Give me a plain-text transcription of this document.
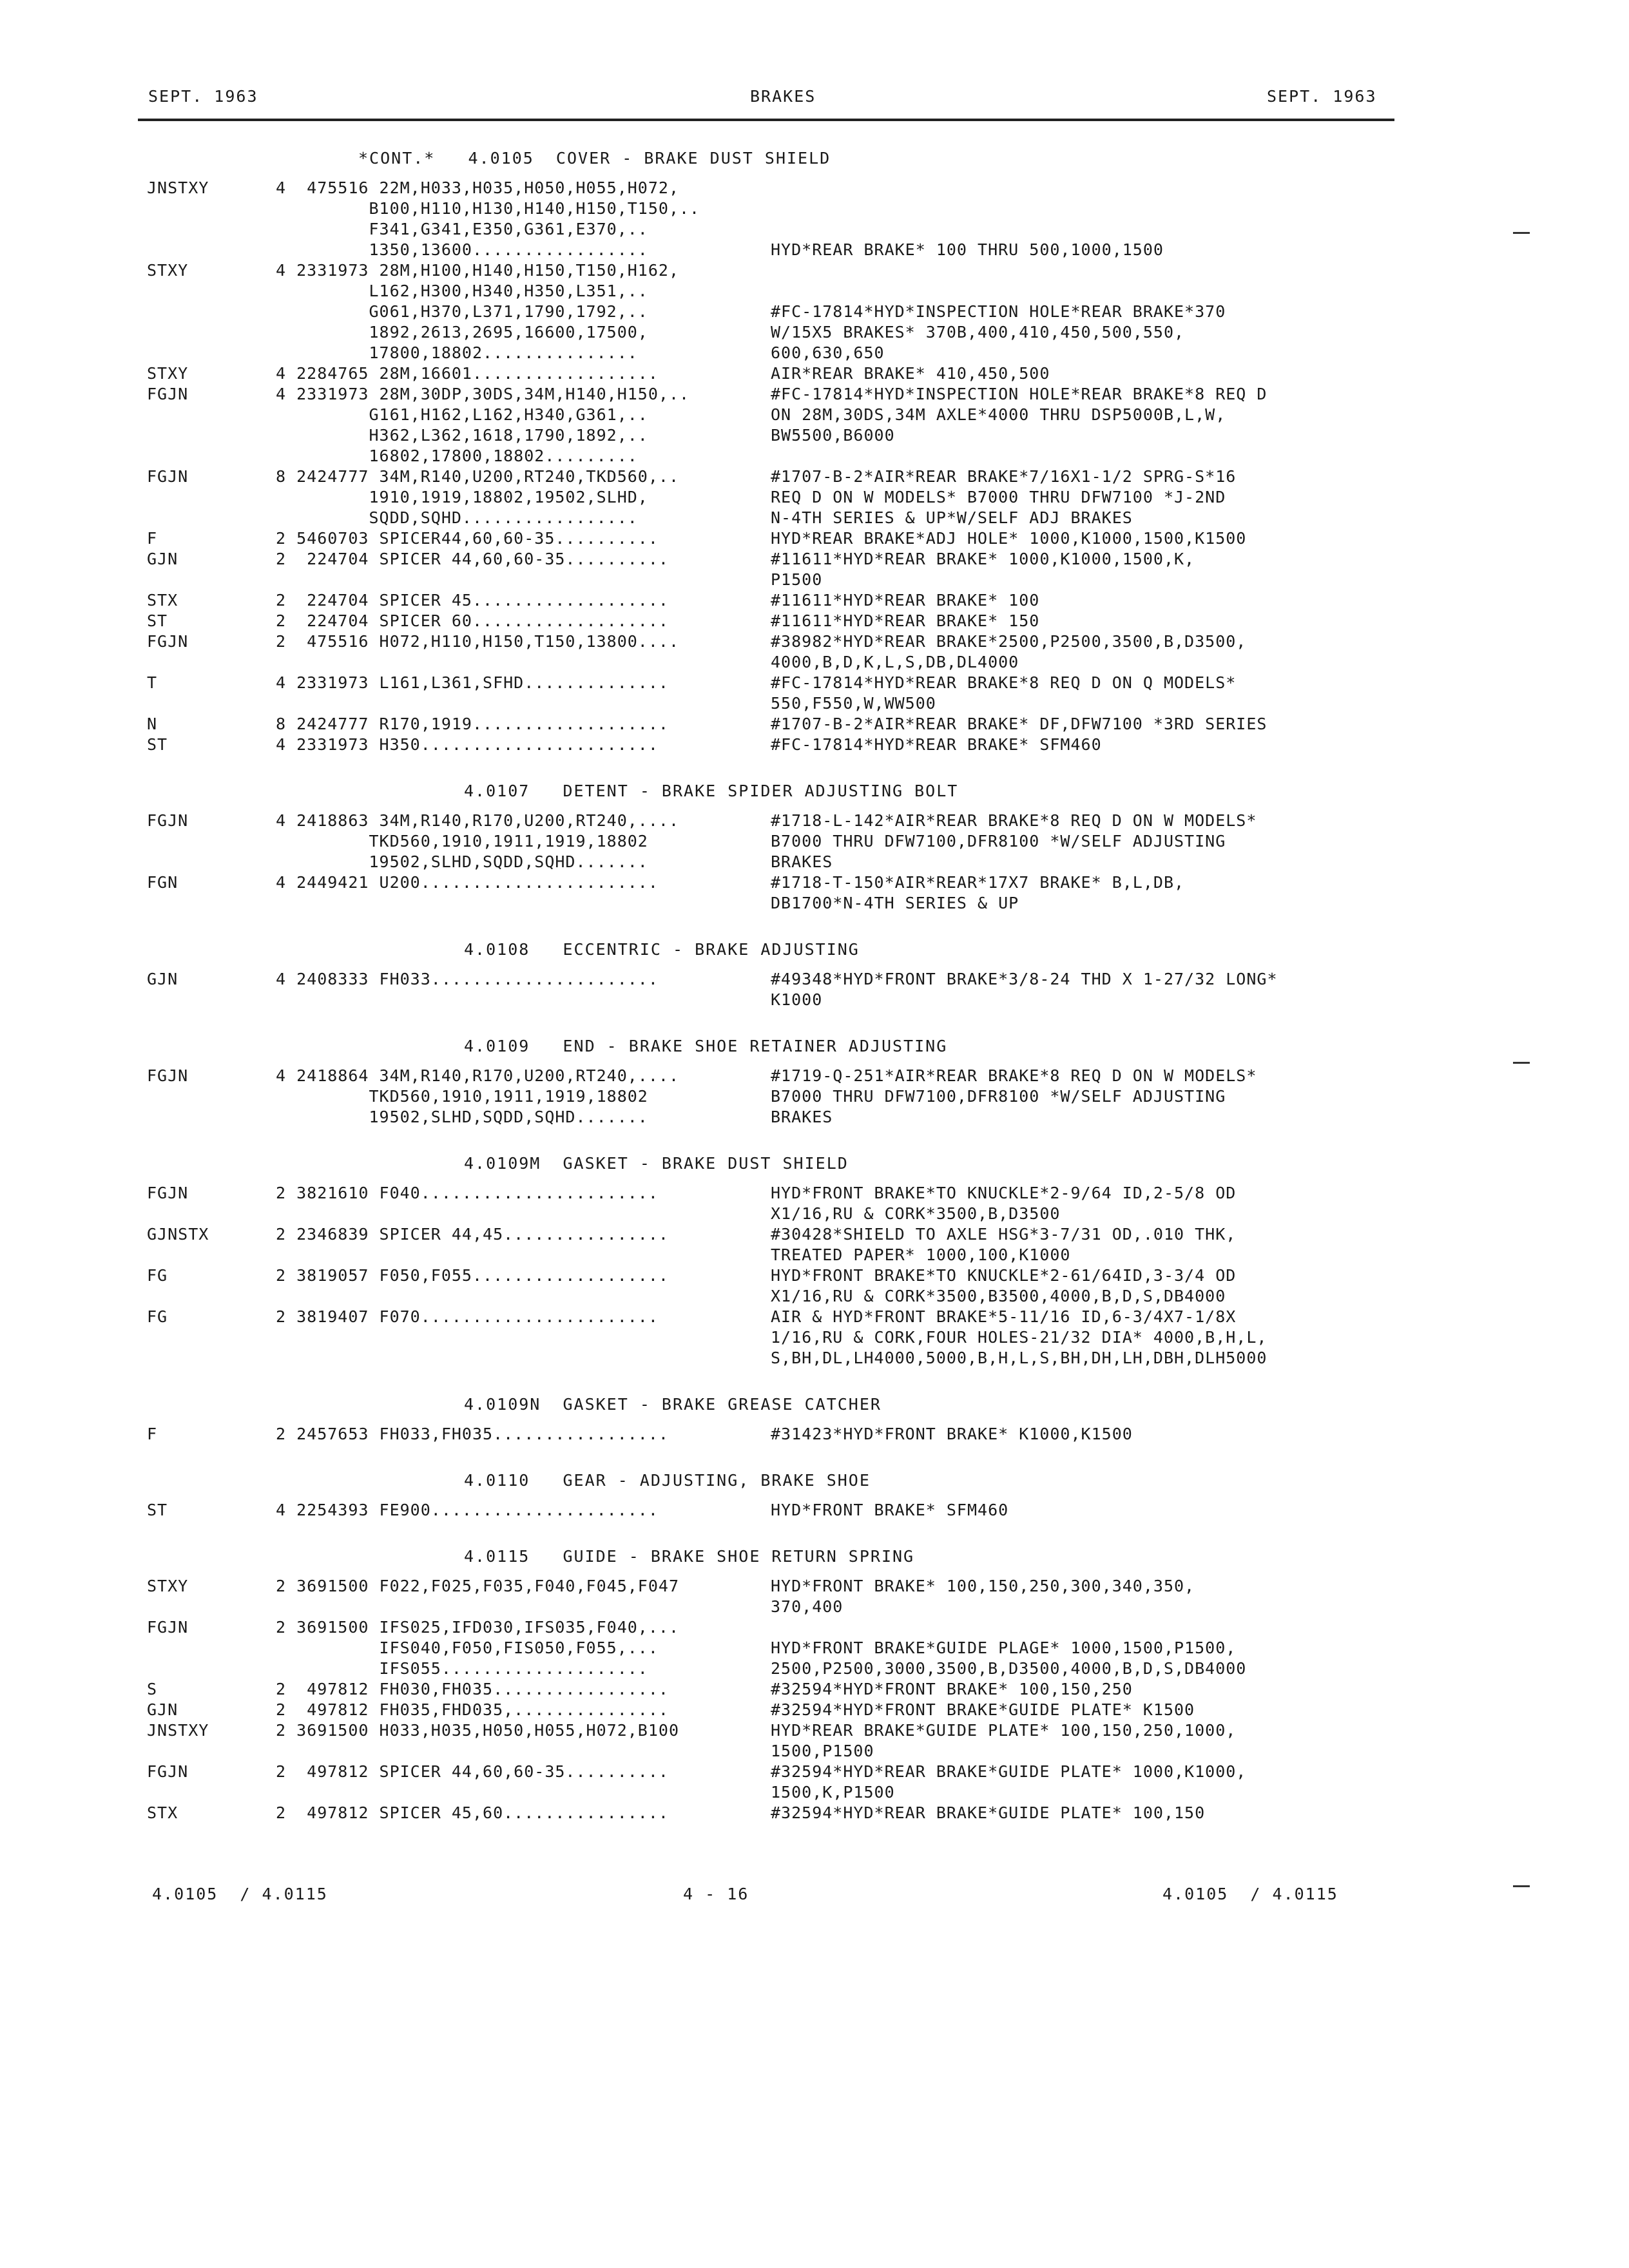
SEPT. 1963	BRAKES	SEPT. 1963
*CONT.*   4.0105  COVER - BRAKE DUST SHIELD
JNSTXY	4  475516 22M,H033,H035,H050,H055,H072,
B100,H110,H130,H140,H150,T150,..
F341,G341,E350,G361,E370,..
1350,13600.................	HYD*REAR BRAKE* 100 THRU 500,1000,1500
STXY	4 2331973 28M,H100,H140,H150,T150,H162,
L162,H300,H340,H350,L351,..
G061,H370,L371,1790,1792,..	#FC-17814*HYD*INSPECTION HOLE*REAR BRAKE*370
1892,2613,2695,16600,17500,	W/15X5 BRAKES* 370B,400,410,450,500,550,
17800,18802...............	600,630,650
STXY	4 2284765 28M,16601..................	AIR*REAR BRAKE* 410,450,500
FGJN	4 2331973 28M,30DP,30DS,34M,H140,H150,..	#FC-17814*HYD*INSPECTION HOLE*REAR BRAKE*8 REQ D
G161,H162,L162,H340,G361,..	ON 28M,30DS,34M AXLE*4000 THRU DSP5000B,L,W,
H362,L362,1618,1790,1892,..	BW5500,B6000
16802,17800,18802.........
FGJN	8 2424777 34M,R140,U200,RT240,TKD560,..	#1707-B-2*AIR*REAR BRAKE*7/16X1-1/2 SPRG-S*16
1910,1919,18802,19502,SLHD,	REQ D ON W MODELS* B7000 THRU DFW7100 *J-2ND
SQDD,SQHD.................	N-4TH SERIES & UP*W/SELF ADJ BRAKES
F	2 5460703 SPICER44,60,60-35..........	HYD*REAR BRAKE*ADJ HOLE* 1000,K1000,1500,K1500
GJN	2  224704 SPICER 44,60,60-35..........	#11611*HYD*REAR BRAKE* 1000,K1000,1500,K,
P1500
STX	2  224704 SPICER 45...................	#11611*HYD*REAR BRAKE* 100
ST	2  224704 SPICER 60...................	#11611*HYD*REAR BRAKE* 150
FGJN	2  475516 H072,H110,H150,T150,13800....	#38982*HYD*REAR BRAKE*2500,P2500,3500,B,D3500,
4000,B,D,K,L,S,DB,DL4000
T	4 2331973 L161,L361,SFHD..............	#FC-17814*HYD*REAR BRAKE*8 REQ D ON Q MODELS*
550,F550,W,WW500
N	8 2424777 R170,1919...................	#1707-B-2*AIR*REAR BRAKE* DF,DFW7100 *3RD SERIES
ST	4 2331973 H350.......................	#FC-17814*HYD*REAR BRAKE* SFM460
4.0107   DETENT - BRAKE SPIDER ADJUSTING BOLT
FGJN	4 2418863 34M,R140,R170,U200,RT240,....	#1718-L-142*AIR*REAR BRAKE*8 REQ D ON W MODELS*
TKD560,1910,1911,1919,18802	B7000 THRU DFW7100,DFR8100 *W/SELF ADJUSTING
19502,SLHD,SQDD,SQHD.......	BRAKES
FGN	4 2449421 U200.......................	#1718-T-150*AIR*REAR*17X7 BRAKE* B,L,DB,
DB1700*N-4TH SERIES & UP
4.0108   ECCENTRIC - BRAKE ADJUSTING
GJN	4 2408333 FH033......................	#49348*HYD*FRONT BRAKE*3/8-24 THD X 1-27/32 LONG*
K1000
4.0109   END - BRAKE SHOE RETAINER ADJUSTING
FGJN	4 2418864 34M,R140,R170,U200,RT240,....	#1719-Q-251*AIR*REAR BRAKE*8 REQ D ON W MODELS*
TKD560,1910,1911,1919,18802	B7000 THRU DFW7100,DFR8100 *W/SELF ADJUSTING
19502,SLHD,SQDD,SQHD.......	BRAKES
4.0109M  GASKET - BRAKE DUST SHIELD
FGJN	2 3821610 F040.......................	HYD*FRONT BRAKE*TO KNUCKLE*2-9/64 ID,2-5/8 OD
X1/16,RU & CORK*3500,B,D3500
GJNSTX	2 2346839 SPICER 44,45................	#30428*SHIELD TO AXLE HSG*3-7/31 OD,.010 THK,
TREATED PAPER* 1000,100,K1000
FG	2 3819057 F050,F055...................	HYD*FRONT BRAKE*TO KNUCKLE*2-61/64ID,3-3/4 OD
X1/16,RU & CORK*3500,B3500,4000,B,D,S,DB4000
FG	2 3819407 F070.......................	AIR & HYD*FRONT BRAKE*5-11/16 ID,6-3/4X7-1/8X
1/16,RU & CORK,FOUR HOLES-21/32 DIA* 4000,B,H,L,
S,BH,DL,LH4000,5000,B,H,L,S,BH,DH,LH,DBH,DLH5000
4.0109N  GASKET - BRAKE GREASE CATCHER
F	2 2457653 FH033,FH035.................	#31423*HYD*FRONT BRAKE* K1000,K1500
4.0110   GEAR - ADJUSTING, BRAKE SHOE
ST	4 2254393 FE900......................	HYD*FRONT BRAKE* SFM460
4.0115   GUIDE - BRAKE SHOE RETURN SPRING
STXY	2 3691500 F022,F025,F035,F040,F045,F047	HYD*FRONT BRAKE* 100,150,250,300,340,350,
370,400
FGJN	2 3691500 IFS025,IFD030,IFS035,F040,...
IFS040,F050,FIS050,F055,...	HYD*FRONT BRAKE*GUIDE PLAGE* 1000,1500,P1500,
IFS055....................	2500,P2500,3000,3500,B,D3500,4000,B,D,S,DB4000
S	2  497812 FH030,FH035.................	#32594*HYD*FRONT BRAKE* 100,150,250
GJN	2  497812 FH035,FHD035,...............	#32594*HYD*FRONT BRAKE*GUIDE PLATE* K1500
JNSTXY	2 3691500 H033,H035,H050,H055,H072,B100	HYD*REAR BRAKE*GUIDE PLATE* 100,150,250,1000,
1500,P1500
FGJN	2  497812 SPICER 44,60,60-35..........	#32594*HYD*REAR BRAKE*GUIDE PLATE* 1000,K1000,
1500,K,P1500
STX	2  497812 SPICER 45,60................	#32594*HYD*REAR BRAKE*GUIDE PLATE* 100,150
4.0105  / 4.0115	4 - 16	4.0105  / 4.0115
